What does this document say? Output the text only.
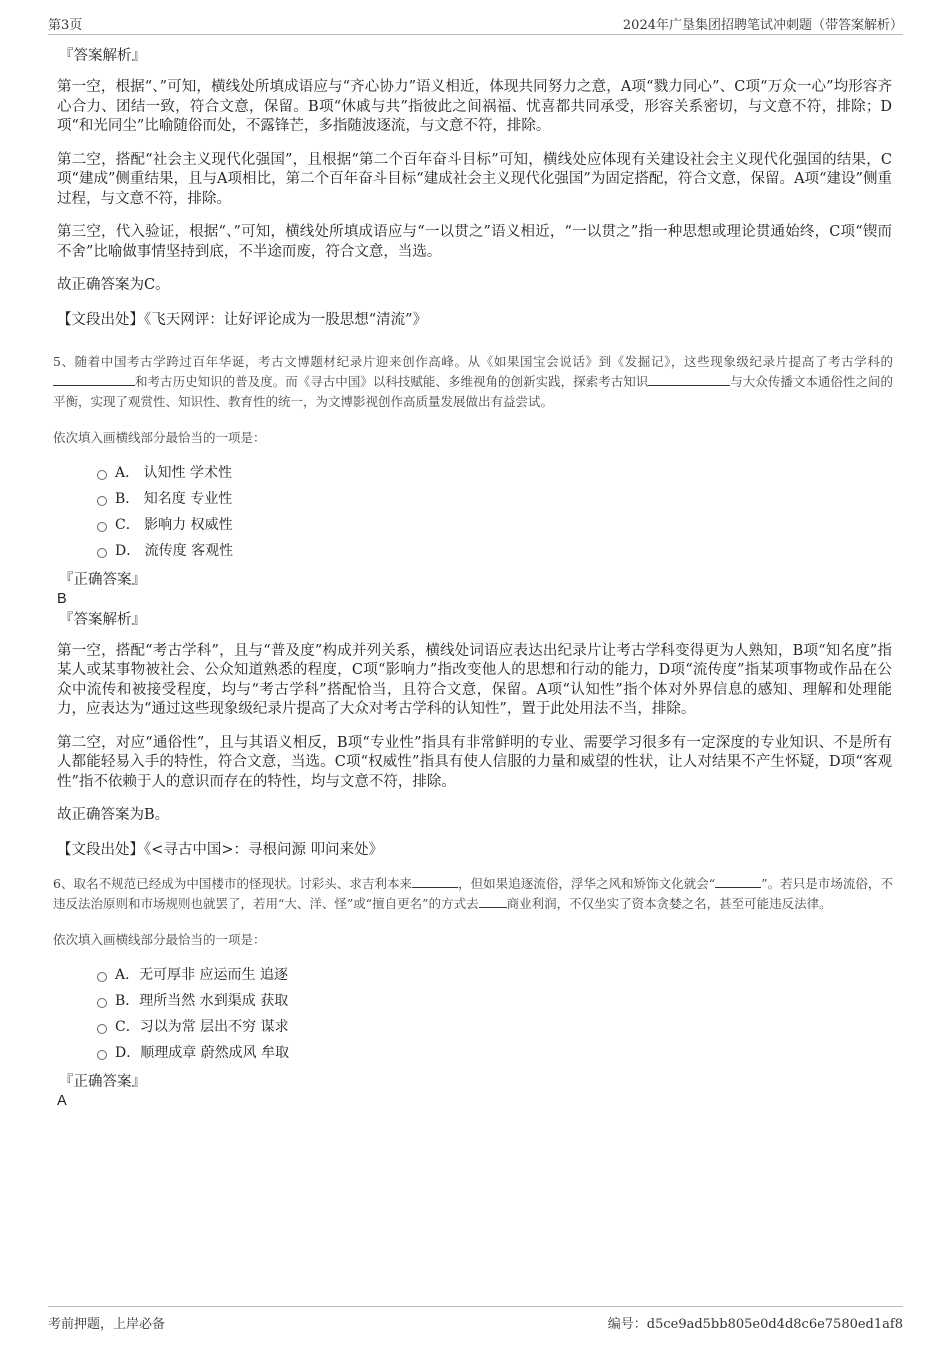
第3页	2024年广垦集团招聘笔试冲刺题（带答案解析）
『答案解析』

第一空，根据“、”可知，横线处所填成语应与“齐心协力”语义相近，体现共同努力之意，A项“戮力同心”、C项“万众一心”均形容齐心合力、团结一致，符合文意，保留。B项“休戚与共”指彼此之间祸福、忧喜都共同承受，形容关系密切，与文意不符，排除；D项“和光同尘”比喻随俗而处，不露锋芒，多指随波逐流，与文意不符，排除。

第二空，搭配“社会主义现代化强国”，且根据“第二个百年奋斗目标”可知，横线处应体现有关建设社会主义现代化强国的结果，C项“建成”侧重结果，且与A项相比，第二个百年奋斗目标“建成社会主义现代化强国”为固定搭配，符合文意，保留。A项“建设”侧重过程，与文意不符，排除。

第三空，代入验证，根据“、”可知，横线处所填成语应与“一以贯之”语义相近，“一以贯之”指一种思想或理论贯通始终，C项“锲而不舍”比喻做事情坚持到底，不半途而废，符合文意，当选。

故正确答案为C。

【文段出处】《飞天网评：让好评论成为一股思想“清流”》

5、随着中国考古学跨过百年华诞，考古文博题材纪录片迎来创作高峰。从《如果国宝会说话》到《发掘记》，这些现象级纪录片提高了考古学科的和考古历史知识的普及度。而《寻古中国》以科技赋能、多维视角的创新实践，探索考古知识	与大众传播文本通俗性之间的平衡，实现了观赏性、知识性、教育性的统一，为文博影视创作高质量发展做出有益尝试。

依次填入画横线部分最恰当的一项是：

A． 认知性 学术性
B． 知名度 专业性
C． 影响力 权威性
D． 流传度 客观性
『正确答案』
B
『答案解析』

第一空，搭配“考古学科”，且与“普及度”构成并列关系，横线处词语应表达出纪录片让考古学科变得更为人熟知，B项“知名度”指某人或某事物被社会、公众知道熟悉的程度，C项“影响力”指改变他人的思想和行动的能力，D项“流传度”指某项事物或作品在公众中流传和被接受程度，均与“考古学科”搭配恰当，且符合文意，保留。A项“认知性”指个体对外界信息的感知、理解和处理能力，应表达为“通过这些现象级纪录片提高了大众对考古学科的认知性”，置于此处用法不当，排除。

第二空，对应“通俗性”，且与其语义相反，B项“专业性”指具有非常鲜明的专业、需要学习很多有一定深度的专业知识、不是所有人都能轻易入手的特性，符合文意，当选。C项“权威性”指具有使人信服的力量和威望的性状，让人对结果不产生怀疑，D项“客观性”指不依赖于人的意识而存在的特性，均与文意不符，排除。

故正确答案为B。

【文段出处】《<寻古中国>：寻根问源 叩问来处》

6、取名不规范已经成为中国楼市的怪现状。讨彩头、求吉利本来	，但如果追逐流俗，浮华之风和矫饰文化就会“	”。若只是市场流俗，不违反法治原则和市场规则也就罢了，若用“大、洋、怪”或“擅自更名”的方式去 商业利润，不仅坐实了资本贪婪之名，甚至可能违反法律。

依次填入画横线部分最恰当的一项是：

A．无可厚非 应运而生 追逐
B．理所当然 水到渠成 获取
C．习以为常 层出不穷 谋求
D．顺理成章 蔚然成风 牟取
『正确答案』
A
考前押题，上岸必备	编号：d5ce9ad5bb805e0d4d8c6e7580ed1af8
